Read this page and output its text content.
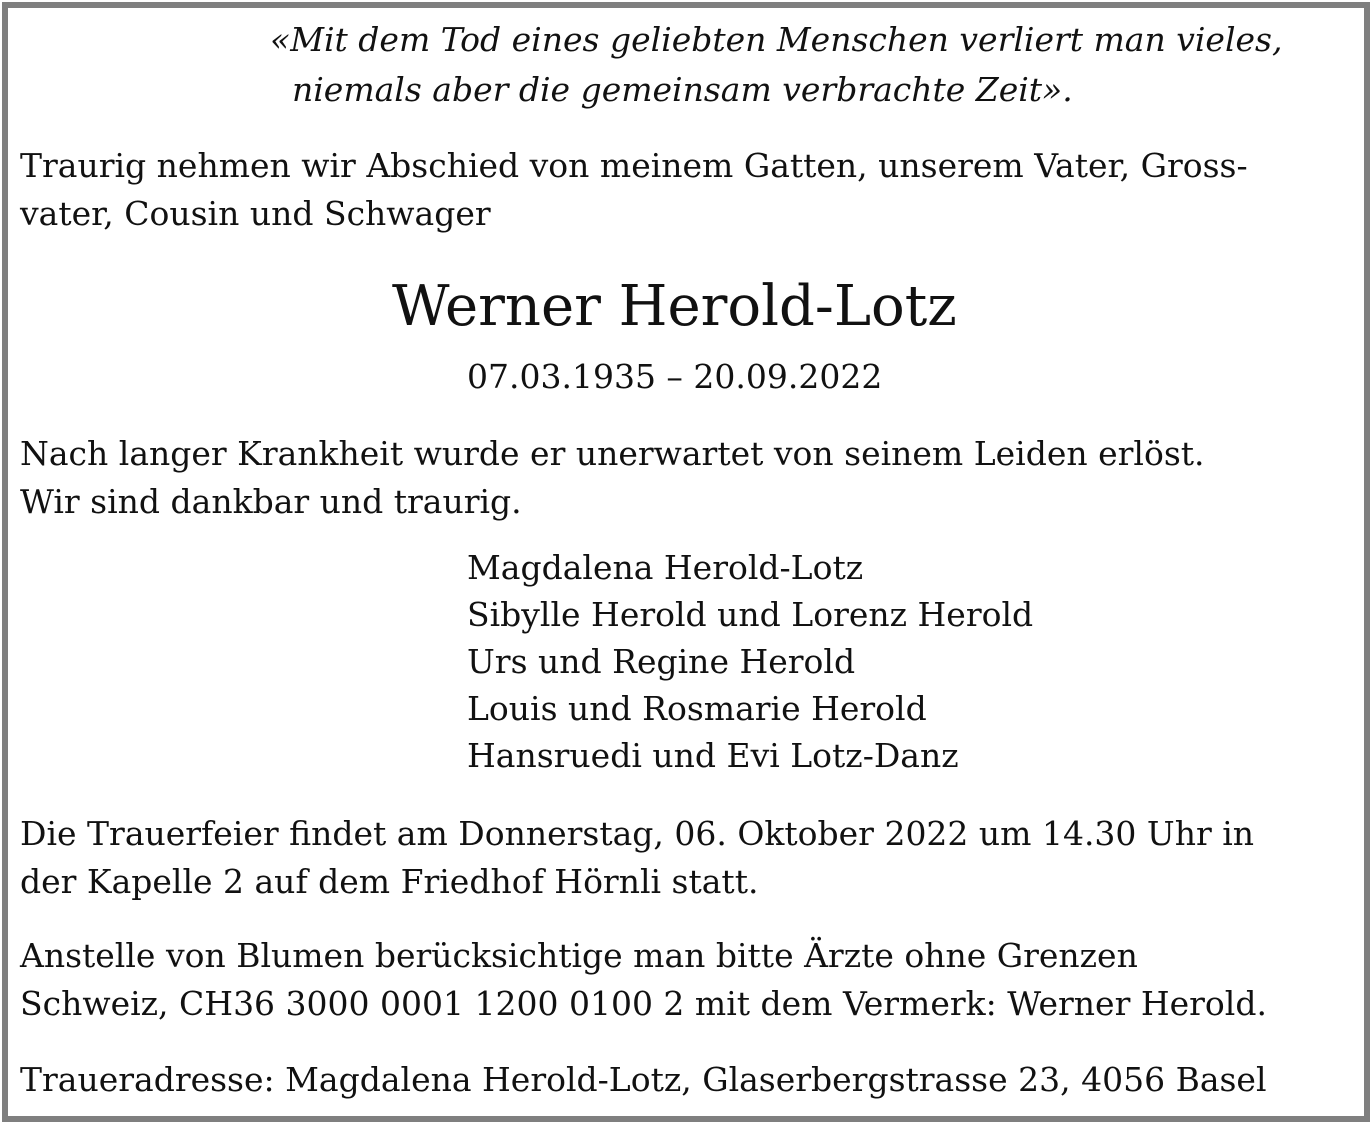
«Mit dem Tod eines geliebten Menschen verliert man vieles,
niemals aber die gemeinsam verbrachte Zeit».
Traurig nehmen wir Abschied von meinem Gatten, unserem Vater, Gross-
vater, Cousin und Schwager
Werner Herold-Lotz
07.03.1935 – 20.09.2022
Nach langer Krankheit wurde er unerwartet von seinem Leiden erlöst.
Wir sind dankbar und traurig.
Magdalena Herold-Lotz
Sibylle Herold und Lorenz Herold
Urs und Regine Herold
Louis und Rosmarie Herold
Hansruedi und Evi Lotz-Danz
Die Trauerfeier findet am Donnerstag, 06. Oktober 2022 um 14.30 Uhr in
der Kapelle 2 auf dem Friedhof Hörnli statt.
Anstelle von Blumen berücksichtige man bitte Ärzte ohne Grenzen
Schweiz, CH36 3000 0001 1200 0100 2 mit dem Vermerk: Werner Herold.
Traueradresse: Magdalena Herold-Lotz, Glaserbergstrasse 23, 4056 Basel
